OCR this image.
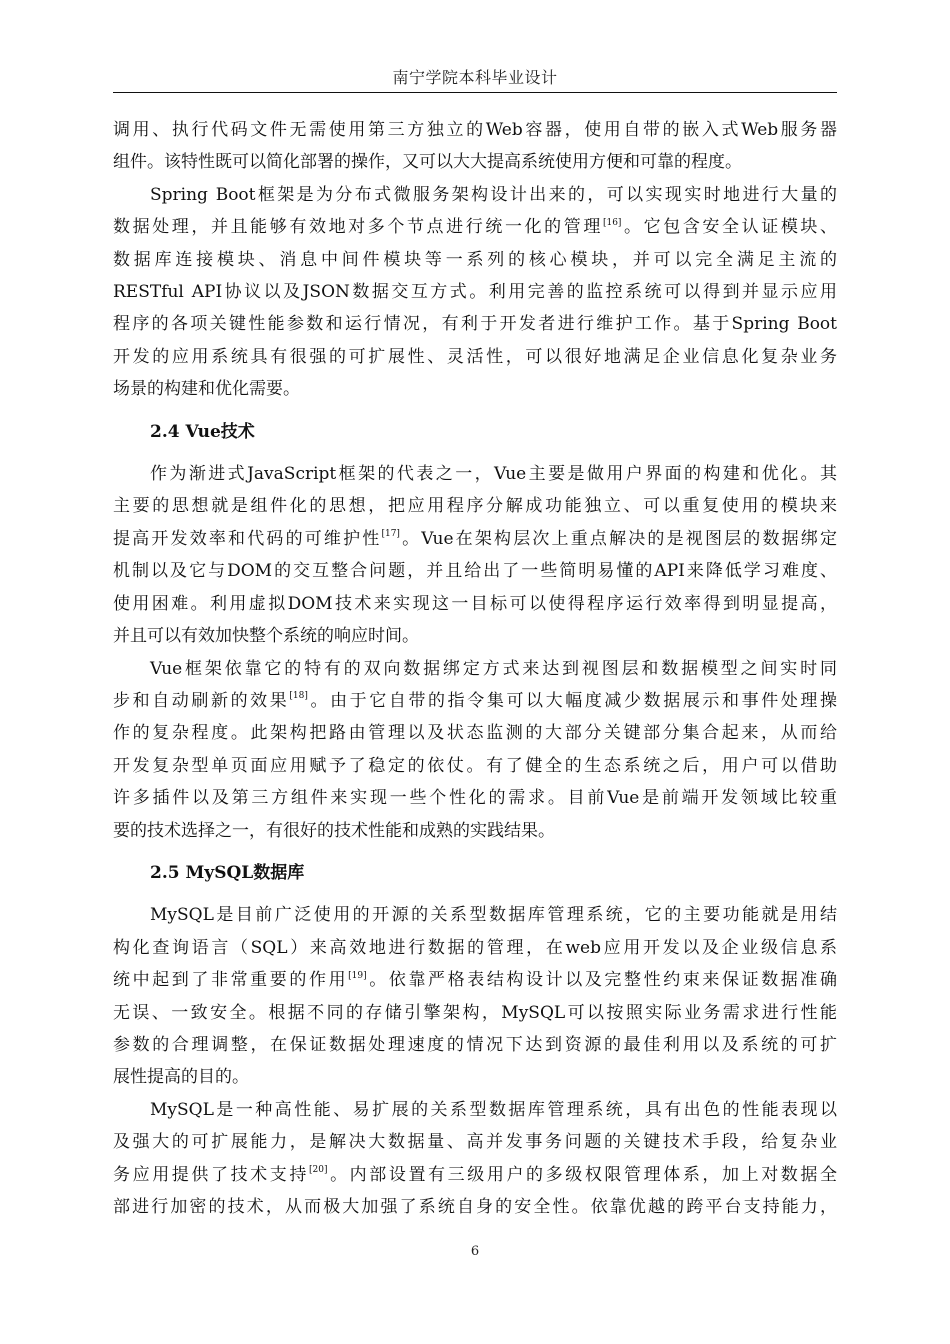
南宁学院本科毕业设计
调用、执行代码文件无需使用第三方独立的Web容器，使用自带的嵌入式Web服务器
组件。该特性既可以简化部署的操作，又可以大大提高系统使用方便和可靠的程度。
Spring Boot框架是为分布式微服务架构设计出来的，可以实现实时地进行大量的
数据处理，并且能够有效地对多个节点进行统一化的管理[16]。它包含安全认证模块、
数据库连接模块、消息中间件模块等一系列的核心模块，并可以完全满足主流的
RESTful API协议以及JSON数据交互方式。利用完善的监控系统可以得到并显示应用
程序的各项关键性能参数和运行情况，有利于开发者进行维护工作。基于Spring Boot
开发的应用系统具有很强的可扩展性、灵活性，可以很好地满足企业信息化复杂业务
场景的构建和优化需要。
2.4 Vue技术
作为渐进式JavaScript框架的代表之一，Vue主要是做用户界面的构建和优化。其
主要的思想就是组件化的思想，把应用程序分解成功能独立、可以重复使用的模块来
提高开发效率和代码的可维护性[17]。Vue在架构层次上重点解决的是视图层的数据绑定
机制以及它与DOM的交互整合问题，并且给出了一些简明易懂的API来降低学习难度、
使用困难。利用虚拟DOM技术来实现这一目标可以使得程序运行效率得到明显提高，
并且可以有效加快整个系统的响应时间。
Vue框架依靠它的特有的双向数据绑定方式来达到视图层和数据模型之间实时同
步和自动刷新的效果[18]。由于它自带的指令集可以大幅度减少数据展示和事件处理操
作的复杂程度。此架构把路由管理以及状态监测的大部分关键部分集合起来，从而给
开发复杂型单页面应用赋予了稳定的依仗。有了健全的生态系统之后，用户可以借助
许多插件以及第三方组件来实现一些个性化的需求。目前Vue是前端开发领域比较重
要的技术选择之一，有很好的技术性能和成熟的实践结果。
2.5 MySQL数据库
MySQL是目前广泛使用的开源的关系型数据库管理系统，它的主要功能就是用结
构化查询语言（SQL）来高效地进行数据的管理，在web应用开发以及企业级信息系
统中起到了非常重要的作用[19]。依靠严格表结构设计以及完整性约束来保证数据准确
无误、一致安全。根据不同的存储引擎架构，MySQL可以按照实际业务需求进行性能
参数的合理调整，在保证数据处理速度的情况下达到资源的最佳利用以及系统的可扩
展性提高的目的。
MySQL是一种高性能、易扩展的关系型数据库管理系统，具有出色的性能表现以
及强大的可扩展能力，是解决大数据量、高并发事务问题的关键技术手段，给复杂业
务应用提供了技术支持[20]。内部设置有三级用户的多级权限管理体系，加上对数据全
部进行加密的技术，从而极大加强了系统自身的安全性。依靠优越的跨平台支持能力，
6
